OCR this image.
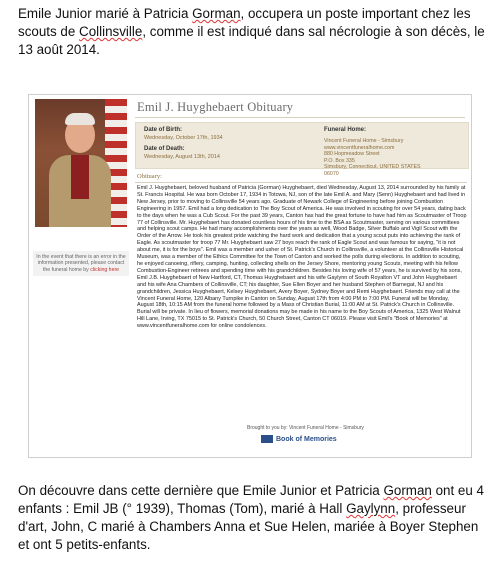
Emile Junior marié à Patricia Gorman, occupera un poste important chez les scouts de Collinsville, comme il est indiqué dans sal nécrologie à son décès, le 13 août 2014.

In the event that there is an error in the information presented, please contact the funeral home by clicking here
Emil J. Huyghebaert Obituary
Date of Birth:
Wednesday, October 17th, 1934
Date of Death:
Wednesday, August 13th, 2014
Funeral Home:
Vincent Funeral Home - Simsbury
www.vincentfuneralhome.com
880 Hopmeadow Street
P.O. Box 335
Simsbury, Connecticut, UNITED STATES
06070
Obituary:

Emil J. Huyghebaert, beloved husband of Patricia (Gorman) Huyghebaert, died Wednesday, August 13, 2014 surrounded by his family at St. Francis Hospital. He was born October 17, 1934 in Totowa, NJ, son of the late Emil A. and Mary (Senn) Huyghebaert and had lived in New Jersey, prior to moving to Collinsville 54 years ago. Graduate of Newark College of Engineering before joining Combustion Engineering in 1957. Emil had a long dedication to The Boy Scout of America. He was involved in scouting for over 54 years, dating back to the days when he was a Cub Scout. For the past 39 years, Canton has had the great fortune to have had him as Scoutmaster of Troop 77 of Collinsville. Mr. Huyghebaert has donated countless hours of his time to the BSA as Scoutmaster, serving on various committees and helping scout camps. He had many accomplishments over the years as well, Wood Badge, Silver Buffalo and Vigil Scout with the Order of the Arrow. He took his greatest pride watching the hard work and dedication that a young scout puts into achieving the rank of Eagle. As scoutmaster for troop 77 Mr. Huyghebaert saw 27 boys reach the rank of Eagle Scout and was famous for saying, "it is not about me, it is for the boys". Emil was a member and usher of St. Patrick's Church in Collinsville, a volunteer at the Collinsville Historical Museum, was a member of the Ethics Committee for the Town of Canton and worked the polls during elections. In addition to scouting, he enjoyed canoeing, riflery, camping, hunting, collecting shells on the Jersey Shore, mentoring young Scouts, meeting with his fellow Combustion-Engineer retirees and spending time with his grandchildren. Besides his loving wife of 57 years, he is survived by his sons, Emil J.B. Huyghebaert of New Hartford, CT, Thomas Huyghebaert and his wife Gaylynn of South Royalton VT and John Huyghebaert and his wife Ana Chambers of Collinsville, CT; his daughter, Sue Ellen Boyer and her husband Stephen of Barnegat, NJ and his grandchildren, Jessica Huyghebaert, Kelsey Huyghebaert, Avery Boyer, Sydney Boyer and Remi Huyghebaert. Friends may call at the Vincent Funeral Home, 120 Albany Turnpike in Canton on Sunday, August 17th from 4:00 PM to 7:00 PM. Funeral will be Monday, August 18th, 10:15 AM from the funeral home followed by a Mass of Christian Burial, 11:00 AM at St. Patrick's Church in Collinsville. Burial will be private. In lieu of flowers, memorial donations may be made in his name to the Boy Scouts of America, 1325 West Walnut Hill Lane, Irving, TX 75015 to St. Patrick's Church, 50 Church Street, Canton CT 06019. Please visit Emil's "Book of Memories" at www.vincentfuneralhome.com for online condolences.

Brought to you by: Vincent Funeral Home - Simsbury
Book of Memories

On découvre dans cette dernière que Emile Junior et Patricia Gorman ont eu 4 enfants : Emil JB (° 1939), Thomas (Tom), marié à Hall Gaylynn, professeur d'art, John, C marié à Chambers Anna et Sue Helen, mariée à Boyer Stephen et ont 5 petits-enfants.
